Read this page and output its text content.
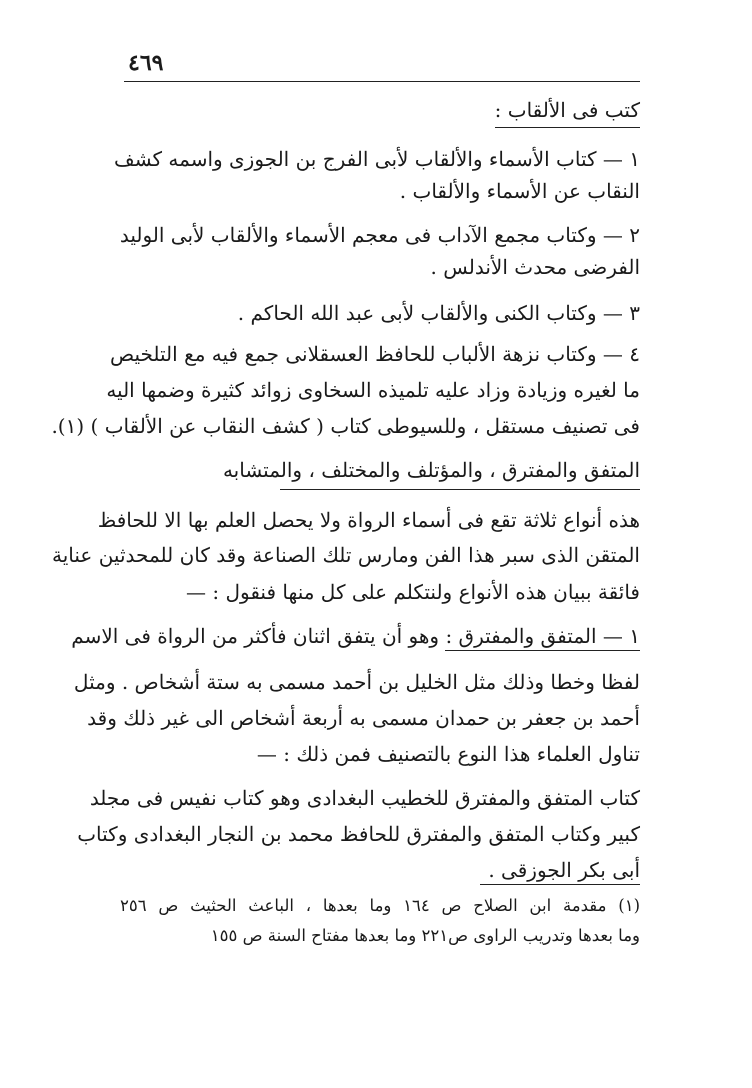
٤٦٩
كتب فى الألقاب :
١ — كتاب الأسماء والألقاب لأبى الفرج بن الجوزى واسمه كشف
النقاب عن الأسماء والألقاب .
٢ — وكتاب مجمع الآداب فى معجم الأسماء والألقاب لأبى الوليد
الفرضى محدث الأندلس .
٣ — وكتاب الكنى والألقاب لأبى عبد الله الحاكم .
٤ — وكتاب نزهة الألباب للحافظ العسقلانى جمع فيه مع التلخيص
ما لغيره وزيادة وزاد عليه تلميذه السخاوى زوائد كثيرة وضمها اليه
فى تصنيف مستقل ، وللسيوطى كتاب ( كشف النقاب عن الألقاب ) (١).
المتفق والمفترق ، والمؤتلف والمختلف ، والمتشابه
هذه أنواع ثلاثة تقع فى أسماء الرواة ولا يحصل العلم بها الا للحافظ
المتقن الذى سبر هذا الفن ومارس تلك الصناعة وقد كان للمحدثين عناية
فائقة ببيان هذه الأنواع ولنتكلم على كل منها فنقول : —
١ — المتفق والمفترق : وهو أن يتفق اثنان فأكثر من الرواة فى الاسم
لفظا وخطا وذلك مثل الخليل بن أحمد مسمى به ستة أشخاص . ومثل
أحمد بن جعفر بن حمدان مسمى به أربعة أشخاص الى غير ذلك وقد
تناول العلماء هذا النوع بالتصنيف فمن ذلك : —
كتاب المتفق والمفترق للخطيب البغدادى وهو كتاب نفيس فى مجلد
كبير وكتاب المتفق والمفترق للحافظ محمد بن النجار البغدادى وكتاب
أبى بكر الجوزقى .
(١) مقدمة ابن الصلاح ص ١٦٤ وما بعدها ، الباعث الحثيث ص ٢٥٦
وما بعدها وتدريب الراوى ص٢٢١ وما بعدها مفتاح السنة ص ١٥٥
